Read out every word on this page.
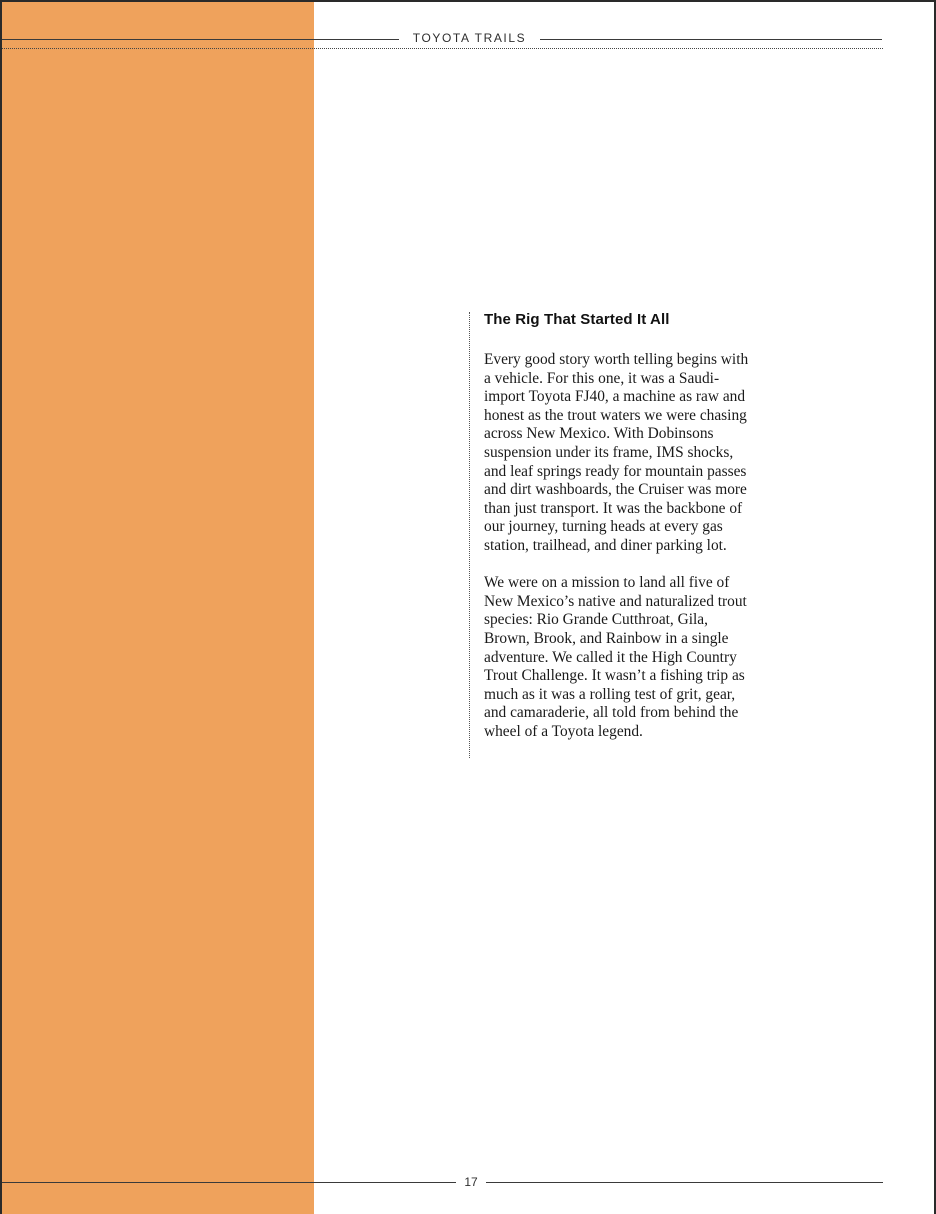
TOYOTA TRAILS
The Rig That Started It All

Every good story worth telling begins with a vehicle. For this one, it was a Saudi-import Toyota FJ40, a machine as raw and honest as the trout waters we were chasing across New Mexico. With Dobinsons suspension under its frame, IMS shocks, and leaf springs ready for mountain passes and dirt washboards, the Cruiser was more than just transport. It was the backbone of our journey, turning heads at every gas station, trailhead, and diner parking lot.

We were on a mission to land all five of New Mexico’s native and naturalized trout species: Rio Grande Cutthroat, Gila, Brown, Brook, and Rainbow in a single adventure. We called it the High Country Trout Challenge. It wasn’t a fishing trip as much as it was a rolling test of grit, gear, and camaraderie, all told from behind the wheel of a Toyota legend.

17
